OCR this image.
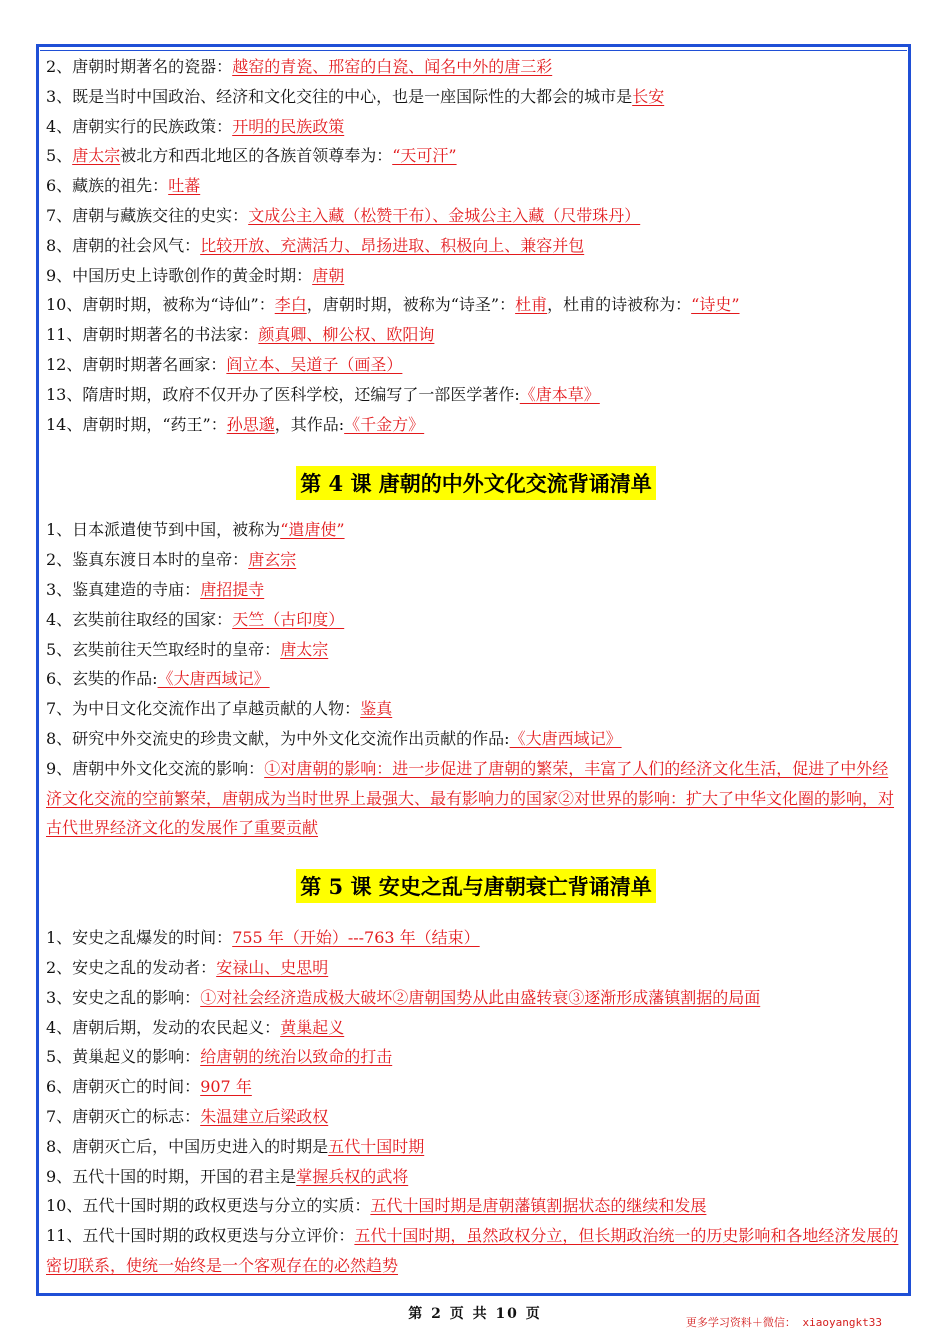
2、唐朝时期著名的瓷器：越窑的青瓷、邢窑的白瓷、闻名中外的唐三彩
3、既是当时中国政治、经济和文化交往的中心，也是一座国际性的大都会的城市是长安
4、唐朝实行的民族政策：开明的民族政策
5、唐太宗被北方和西北地区的各族首领尊奉为：“天可汗”
6、藏族的祖先：吐蕃
7、唐朝与藏族交往的史实：文成公主入藏（松赞干布）、金城公主入藏（尺带珠丹）
8、唐朝的社会风气：比较开放、充满活力、昂扬进取、积极向上、兼容并包
9、中国历史上诗歌创作的黄金时期：唐朝
10、唐朝时期，被称为“诗仙”：李白，唐朝时期，被称为“诗圣”：杜甫，杜甫的诗被称为：“诗史”
11、唐朝时期著名的书法家：颜真卿、柳公权、欧阳询
12、唐朝时期著名画家：阎立本、吴道子（画圣）
13、隋唐时期，政府不仅开办了医科学校，还编写了一部医学著作:《唐本草》
14、唐朝时期，“药王”：孙思邈，其作品:《千金方》
第 4 课 唐朝的中外文化交流背诵清单
1、日本派遣使节到中国，被称为“遣唐使”
2、鉴真东渡日本时的皇帝：唐玄宗
3、鉴真建造的寺庙：唐招提寺
4、玄奘前往取经的国家：天竺（古印度）
5、玄奘前往天竺取经时的皇帝：唐太宗
6、玄奘的作品:《大唐西域记》
7、为中日文化交流作出了卓越贡献的人物：鉴真
8、研究中外交流史的珍贵文献，为中外文化交流作出贡献的作品:《大唐西域记》
9、唐朝中外文化交流的影响：①对唐朝的影响：进一步促进了唐朝的繁荣，丰富了人们的经济文化生活，促进了中外经济文化交流的空前繁荣，唐朝成为当时世界上最强大、最有影响力的国家②对世界的影响：扩大了中华文化圈的影响，对古代世界经济文化的发展作了重要贡献
第 5 课 安史之乱与唐朝衰亡背诵清单
1、安史之乱爆发的时间：755 年（开始）---763 年（结束）
2、安史之乱的发动者：安禄山、史思明
3、安史之乱的影响：①对社会经济造成极大破坏②唐朝国势从此由盛转衰③逐渐形成藩镇割据的局面
4、唐朝后期，发动的农民起义：黄巢起义
5、黄巢起义的影响：给唐朝的统治以致命的打击
6、唐朝灭亡的时间：907 年
7、唐朝灭亡的标志：朱温建立后梁政权
8、唐朝灭亡后，中国历史进入的时期是五代十国时期
9、五代十国的时期，开国的君主是掌握兵权的武将
10、五代十国时期的政权更迭与分立的实质：五代十国时期是唐朝藩镇割据状态的继续和发展
11、五代十国时期的政权更迭与分立评价：五代十国时期，虽然政权分立，但长期政治统一的历史影响和各地经济发展的密切联系，使统一始终是一个客观存在的必然趋势
第 2 页 共 10 页
更多学习资料＋微信： xiaoyangkt33
